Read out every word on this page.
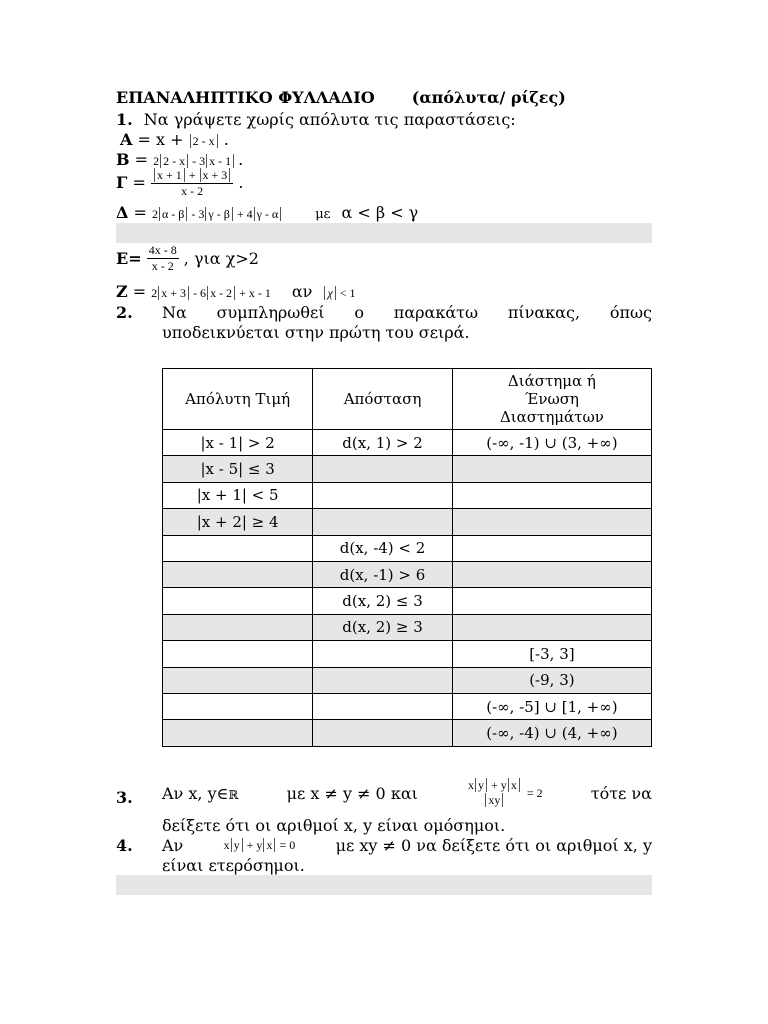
ΕΠΑΝΑΛΗΠΤΙΚΟ ΦΥΛΛΑΔΙΟ (απόλυτα/ ρίζες)
1. Να γράψετε χωρίς απόλυτα τις παραστάσεις:
Α = x + 2 - x .
Β = 2 2 - x - 3 x - 1 .
$\Gamma = \frac{x + 1 + x + 3}{x - 2}$ .
Δ = 2 α - β - 3 γ - β + 4 γ - α	με α < β < γ
$E= \frac{4x - 8}{x - 2}$ , για χ>2
Ζ = 2 x + 3 - 6 x - 2 + x - 1 αν χ < 1
2. Να συμπληρωθεί ο παρακάτω πίνακας, όπως
υποδεικνύεται στην πρώτη του σειρά.
Απόλυτη Τιμή	Απόσταση	Διάστημα ή
Ένωση
Διαστημάτων

|x - 1| > 2	d(x, 1) > 2	(-∞, -1) ∪ (3, +∞)
|x - 5| ≤ 3		
|x + 1| < 5		
|x + 2| ≥ 4		
	d(x, -4) < 2	
	d(x, -1) > 6	
	d(x, 2) ≤ 3	
	d(x, 2) ≥ 3	
		[-3, 3]
		(-9, 3)
		(-∞, -5] ∪ [1, +∞)
		(-∞, -4) ∪ (4, +∞)
3. Αν x, y∈ℝ	με x ≠ y ≠ 0 και	x y + y x
xy
= 2	τότε να
δείξετε ότι οι αριθμοί x, y είναι ομόσημοι.
4. Αν	x y + y x = 0	με xy ≠ 0 να δείξετε ότι οι αριθμοί x, y
είναι ετερόσημοι.
